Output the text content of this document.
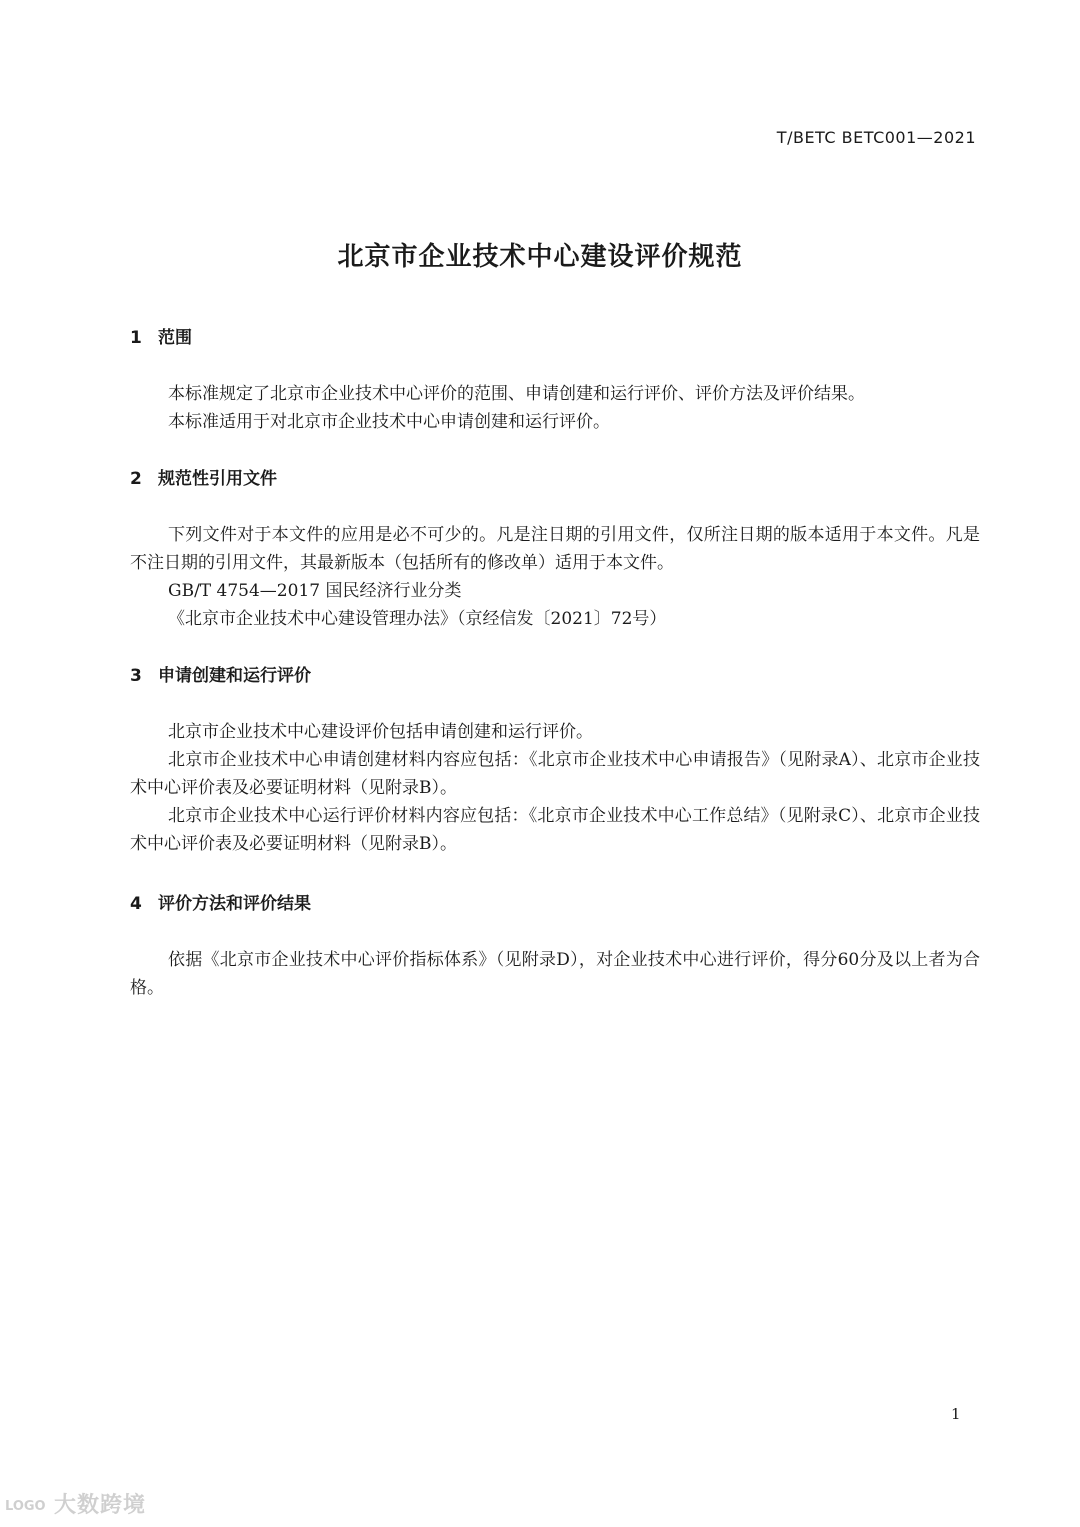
T/BETC BETC001—2021
北京市企业技术中心建设评价规范
1 范围

本标准规定了北京市企业技术中心评价的范围、申请创建和运行评价、评价方法及评价结果。

本标准适用于对北京市企业技术中心申请创建和运行评价。

2 规范性引用文件

下列文件对于本文件的应用是必不可少的。凡是注日期的引用文件，仅所注日期的版本适用于本文件。凡是不注日期的引用文件，其最新版本（包括所有的修改单）适用于本文件。

GB/T 4754—2017 国民经济行业分类

《北京市企业技术中心建设管理办法》（京经信发〔2021〕72号）

3 申请创建和运行评价

北京市企业技术中心建设评价包括申请创建和运行评价。

北京市企业技术中心申请创建材料内容应包括：《北京市企业技术中心申请报告》（见附录A）、北京市企业技术中心评价表及必要证明材料（见附录B）。

北京市企业技术中心运行评价材料内容应包括：《北京市企业技术中心工作总结》（见附录C）、北京市企业技术中心评价表及必要证明材料（见附录B）。

4 评价方法和评价结果

依据《北京市企业技术中心评价指标体系》（见附录D），对企业技术中心进行评价，得分60分及以上者为合格。

1
LOGO 大数跨境
